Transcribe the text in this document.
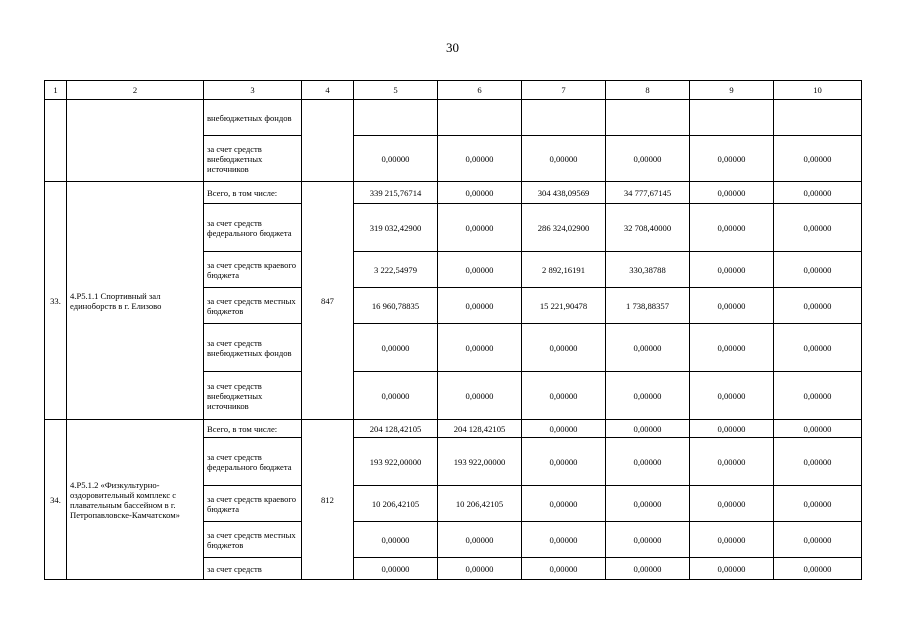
30
1	2	3	4	5	6	7	8	9	10
		внебюджетных фондов							
		за счет средств внебюджетных источников		0,00000	0,00000	0,00000	0,00000	0,00000	0,00000
33.	4.Р5.1.1 Спортивный зал единоборств в г. Елизово	Всего, в том числе:	847	339 215,76714	0,00000	304 438,09569	34 777,67145	0,00000	0,00000
		за счет средств федерального бюджета		319 032,42900	0,00000	286 324,02900	32 708,40000	0,00000	0,00000
		за счет средств краевого бюджета		3 222,54979	0,00000	2 892,16191	330,38788	0,00000	0,00000
		за счет средств местных бюджетов		16 960,78835	0,00000	15 221,90478	1 738,88357	0,00000	0,00000
		за счет средств внебюджетных фондов		0,00000	0,00000	0,00000	0,00000	0,00000	0,00000
		за счет средств внебюджетных источников		0,00000	0,00000	0,00000	0,00000	0,00000	0,00000
34.	4.Р5.1.2 «Физкультурно-оздоровительный комплекс с плавательным бассейном в г. Петропавловске-Камчатском»	Всего, в том числе:	812	204 128,42105	204 128,42105	0,00000	0,00000	0,00000	0,00000
		за счет средств федерального бюджета		193 922,00000	193 922,00000	0,00000	0,00000	0,00000	0,00000
		за счет средств краевого бюджета		10 206,42105	10 206,42105	0,00000	0,00000	0,00000	0,00000
		за счет средств местных бюджетов		0,00000	0,00000	0,00000	0,00000	0,00000	0,00000
		за счет средств		0,00000	0,00000	0,00000	0,00000	0,00000	0,00000
